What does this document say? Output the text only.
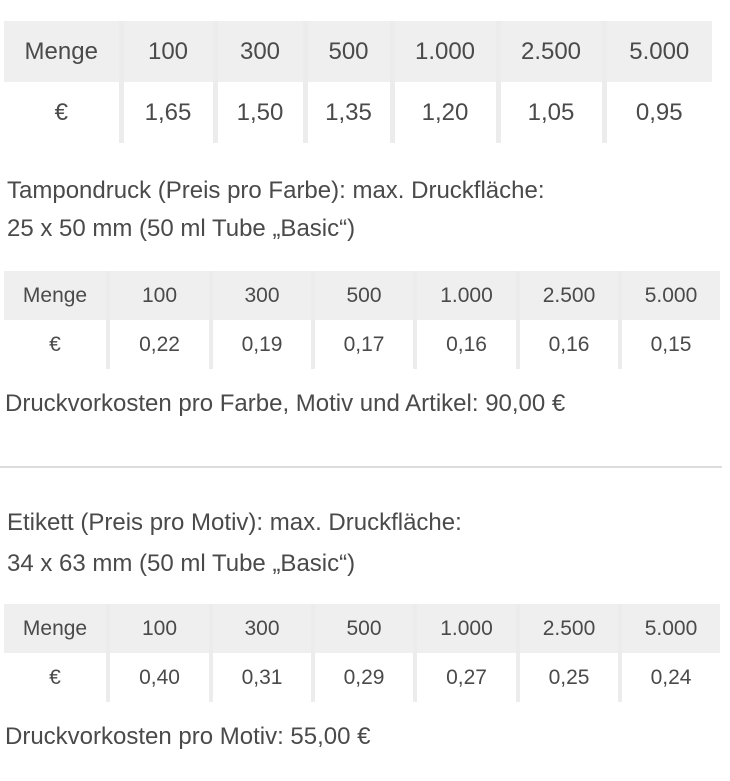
Menge	100	300	500	1.000	2.500	5.000
€	1,65	1,50	1,35	1,20	1,05	0,95

Tampondruck (Preis pro Farbe): max. Druckfläche:

25 x 50 mm (50 ml Tube „Basic“)

Menge	100	300	500	1.000	2.500	5.000
€	0,22	0,19	0,17	0,16	0,16	0,15

Druckvorkosten pro Farbe, Motiv und Artikel: 90,00 €

Etikett (Preis pro Motiv): max. Druckfläche:

34 x 63 mm (50 ml Tube „Basic“)

Menge	100	300	500	1.000	2.500	5.000
€	0,40	0,31	0,29	0,27	0,25	0,24

Druckvorkosten pro Motiv: 55,00 €
